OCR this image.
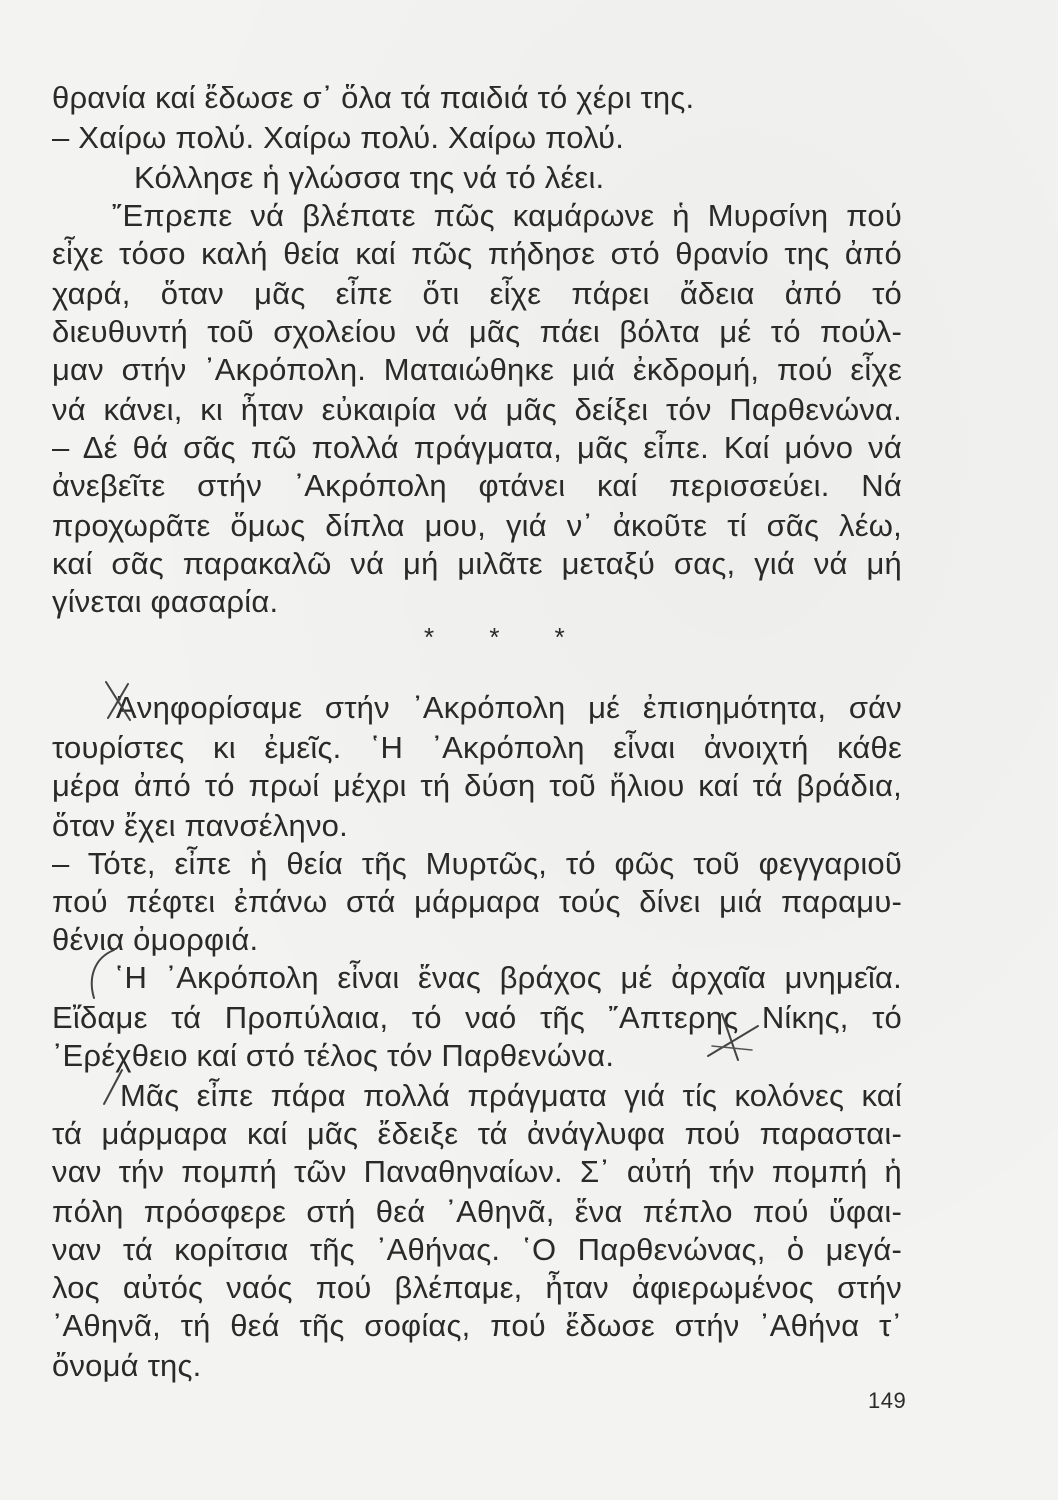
θρανία καί ἔδωσε σ᾿ ὅλα τά παιδιά τό χέρι της.
– Χαίρω πολύ. Χαίρω πολύ. Χαίρω πολύ.
Κόλλησε ἡ γλώσσα της νά τό λέει.
῎Επρεπε νά βλέπατε πῶς καμάρωνε ἡ Μυρσίνη πού
εἶχε τόσο καλή θεία καί πῶς πήδησε στό θρανίο της ἀπό
χαρά, ὅταν μᾶς εἶπε ὅτι εἶχε πάρει ἄδεια ἀπό τό
διευθυντή τοῦ σχολείου νά μᾶς πάει βόλτα μέ τό πούλ-
μαν στήν ᾿Ακρόπολη. Ματαιώθηκε μιά ἐκδρομή, πού εἶχε
νά κάνει, κι ἦταν εὐκαιρία νά μᾶς δείξει τόν Παρθενώνα.
– Δέ θά σᾶς πῶ πολλά πράγματα, μᾶς εἶπε. Καί μόνο νά
ἀνεβεῖτε στήν ᾿Ακρόπολη φτάνει καί περισσεύει. Νά
προχωρᾶτε ὅμως δίπλα μου, γιά ν᾿ ἀκοῦτε τί σᾶς λέω,
καί σᾶς παρακαλῶ νά μή μιλᾶτε μεταξύ σας, γιά νά μή
γίνεται φασαρία.
Ἀνηφορίσαμε στήν ᾿Ακρόπολη μέ ἐπισημότητα, σάν
τουρίστες κι ἐμεῖς. ῾Η ᾿Ακρόπολη εἶναι ἀνοιχτή κάθε
μέρα ἀπό τό πρωί μέχρι τή δύση τοῦ ἥλιου καί τά βράδια,
ὅταν ἔχει πανσέληνο.
– Τότε, εἶπε ἡ θεία τῆς Μυρτῶς, τό φῶς τοῦ φεγγαριοῦ
πού πέφτει ἐπάνω στά μάρμαρα τούς δίνει μιά παραμυ-
θένια ὀμορφιά.
῾Η ᾿Ακρόπολη εἶναι ἕνας βράχος μέ ἀρχαῖα μνημεῖα.
Εἴδαμε τά Προπύλαια, τό ναό τῆς ῎Απτερης Νίκης, τό
᾿Ερέχθειο καί στό τέλος τόν Παρθενώνα.
Μᾶς εἶπε πάρα πολλά πράγματα γιά τίς κολόνες καί
τά μάρμαρα καί μᾶς ἔδειξε τά ἀνάγλυφα πού παρασται-
ναν τήν πομπή τῶν Παναθηναίων. Σ᾿ αὐτή τήν πομπή ἡ
πόλη πρόσφερε στή θεά ᾿Αθηνᾶ, ἕνα πέπλο πού ὕφαι-
ναν τά κορίτσια τῆς ᾿Αθήνας. ῾Ο Παρθενώνας, ὁ μεγά-
λος αὐτός ναός πού βλέπαμε, ἦταν ἀφιερωμένος στήν
᾿Αθηνᾶ, τή θεά τῆς σοφίας, πού ἔδωσε στήν ᾿Αθήνα τ᾿
ὄνομά της.
* * *
149
